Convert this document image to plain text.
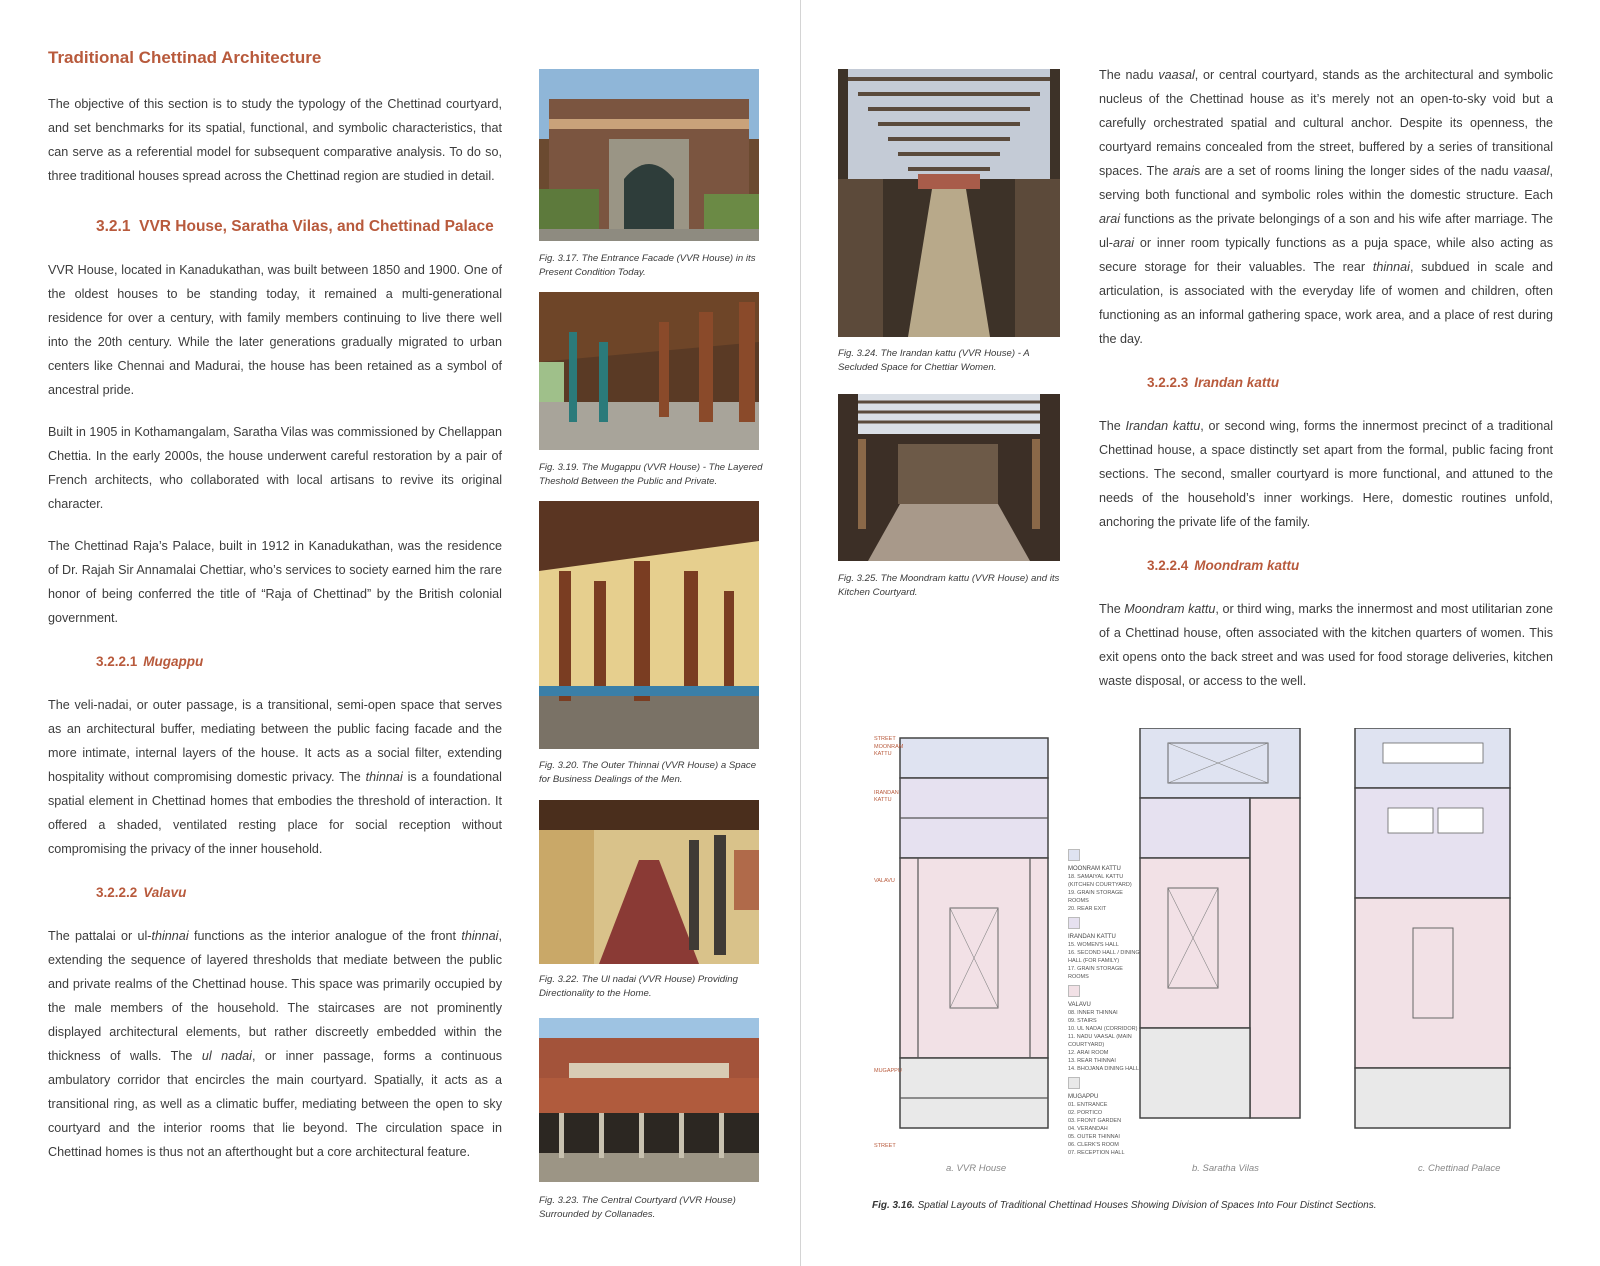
Traditional Chettinad Architecture

The objective of this section is to study the typology of the Chettinad courtyard, and set benchmarks for its spatial, functional, and symbolic characteristics, that can serve as a referential model for subsequent comparative analysis. To do so, three traditional houses spread across the Chettinad region are studied in detail.

3.2.1 VVR House, Saratha Vilas, and Chettinad Palace

VVR House, located in Kanadukathan, was built between 1850 and 1900. One of the oldest houses to be standing today, it remained a multi-generational residence for over a century, with family members continuing to live there well into the 20th century. While the later generations gradually migrated to urban centers like Chennai and Madurai, the house has been retained as a symbol of ancestral pride.

Built in 1905 in Kothamangalam, Saratha Vilas was commissioned by Chellappan Chettia. In the early 2000s, the house underwent careful restoration by a pair of French architects, who collaborated with local artisans to revive its original character.

The Chettinad Raja’s Palace, built in 1912 in Kanadukathan, was the residence of Dr. Rajah Sir Annamalai Chettiar, who’s services to society earned him the rare honor of being conferred the title of “Raja of Chettinad” by the British colonial government.

3.2.2.1 Mugappu

The veli-nadai, or outer passage, is a transitional, semi-open space that serves as an architectural buffer, mediating between the public facing facade and the more intimate, internal layers of the house. It acts as a social filter, extending hospitality without compromising domestic privacy. The thinnai is a foundational spatial element in Chettinad homes that embodies the threshold of interaction. It offered a shaded, ventilated resting place for social reception without compromising the privacy of the inner household.

3.2.2.2 Valavu

The pattalai or ul-thinnai functions as the interior analogue of the front thinnai, extending the sequence of layered thresholds that mediate between the public and private realms of the Chettinad house. This space was primarily occupied by the male members of the household. The staircases are not prominently displayed architectural elements, but rather discreetly embedded within the thickness of walls. The ul nadai, or inner passage, forms a continuous ambulatory corridor that encircles the main courtyard. Spatially, it acts as a transitional ring, as well as a climatic buffer, mediating between the open to sky courtyard and the interior rooms that lie beyond. The circulation space in Chettinad homes is thus not an afterthought but a core architectural feature.

Fig. 3.17. The Entrance Facade (VVR House) in its Present Condition Today.

Fig. 3.19. The Mugappu (VVR House) - The Layered Theshold Between the Public and Private.

Fig. 3.20. The Outer Thinnai (VVR House) a Space for Business Dealings of the Men.

Fig. 3.22. The Ul nadai (VVR House) Providing Directionality to the Home.

Fig. 3.23. The Central Courtyard (VVR House) Surrounded by Collanades.

Fig. 3.24. The Irandan kattu (VVR House) - A Secluded Space for Chettiar Women.

Fig. 3.25. The Moondram kattu (VVR House) and its Kitchen Courtyard.

The nadu vaasal, or central courtyard, stands as the architectural and symbolic nucleus of the Chettinad house as it’s merely not an open-to-sky void but a carefully orchestrated spatial and cultural anchor. Despite its openness, the courtyard remains concealed from the street, buffered by a series of transitional spaces. The arais are a set of rooms lining the longer sides of the nadu vaasal, serving both functional and symbolic roles within the domestic structure. Each arai functions as the private belongings of a son and his wife after marriage. The ul-arai or inner room typically functions as a puja space, while also acting as secure storage for their valuables. The rear thinnai, subdued in scale and articulation, is associated with the everyday life of women and children, often functioning as an informal gathering space, work area, and a place of rest during the day.

3.2.2.3 Irandan kattu

The Irandan kattu, or second wing, forms the innermost precinct of a traditional Chettinad house, a space distinctly set apart from the formal, public facing front sections. The second, smaller courtyard is more functional, and attuned to the needs of the household’s inner workings. Here, domestic routines unfold, anchoring the private life of the family.

3.2.2.4 Moondram kattu

The Moondram kattu, or third wing, marks the innermost and most utilitarian zone of a Chettinad house, often associated with the kitchen quarters of women. This exit opens onto the back street and was used for food storage deliveries, kitchen waste disposal, or access to the well.

STREET
MOONRAM KATTU
IRANDAN KATTU
VALAVU
MUGAPPU
STREET
MOONRAM KATTU
18. SAMAIYAL KATTU (KITCHEN COURTYARD)
19. GRAIN STORAGE ROOMS
20. REAR EXIT
IRANDAN KATTU
15. WOMEN'S HALL
16. SECOND HALL / DINING HALL (FOR FAMILY)
17. GRAIN STORAGE ROOMS
VALAVU
08. INNER THINNAI
09. STAIRS
10. UL NADAI (CORRIDOR)
11. NADU VAASAL (MAIN COURTYARD)
12. ARAI ROOM
13. REAR THINNAI
14. BHOJANA DINING HALL
MUGAPPU
01. ENTRANCE
02. PORTICO
03. FRONT GARDEN
04. VERANDAH
05. OUTER THINNAI
06. CLERK'S ROOM
07. RECEPTION HALL

a. VVR House	b. Saratha Vilas	c. Chettinad Palace

Fig. 3.16. Spatial Layouts of Traditional Chettinad Houses Showing Division of Spaces Into Four Distinct Sections.
